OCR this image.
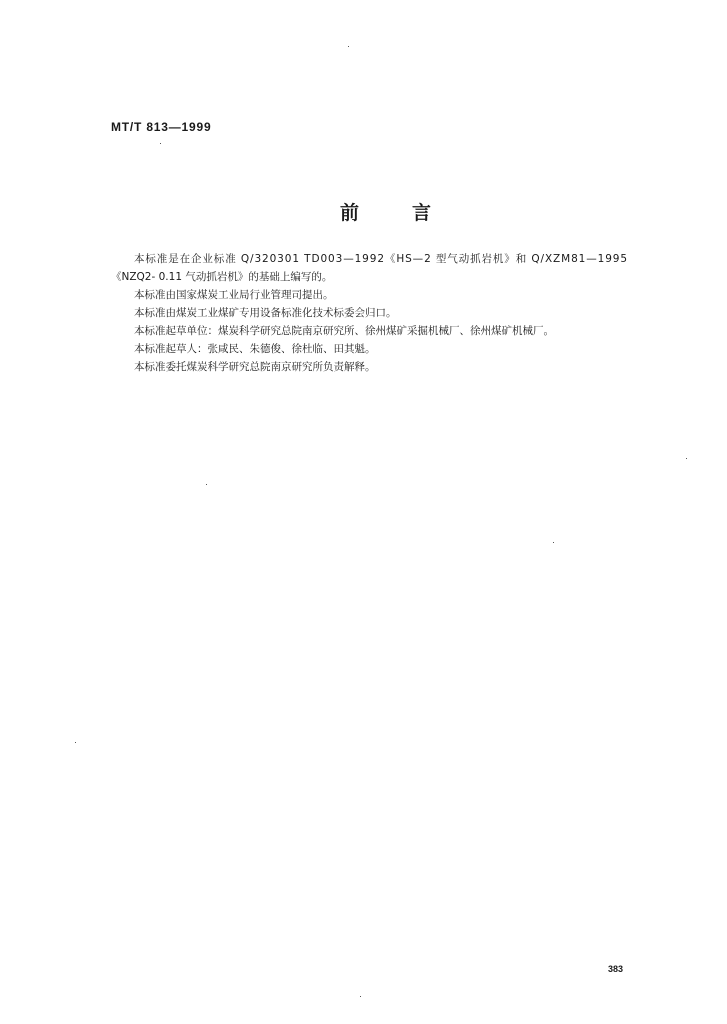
MT/T 813—1999
前	言

本标准是在企业标准 Q/320301 TD003—1992《HS—2 型气动抓岩机》和 Q/XZM81—1995

《NZQ2- 0.11 气动抓岩机》的基础上编写的。

本标准由国家煤炭工业局行业管理司提出。

本标准由煤炭工业煤矿专用设备标准化技术标委会归口。

本标准起草单位：煤炭科学研究总院南京研究所、徐州煤矿采掘机械厂、徐州煤矿机械厂。

本标准起草人：张咸民、朱德俊、徐杜临、田其魁。

本标准委托煤炭科学研究总院南京研究所负责解释。

383
